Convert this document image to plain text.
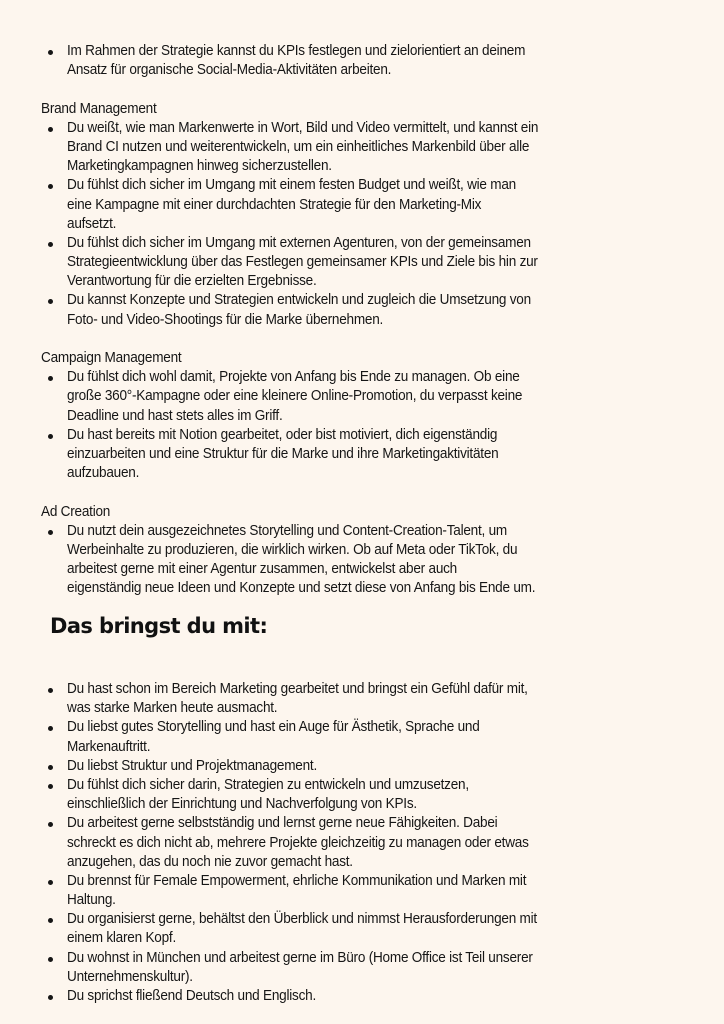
Im Rahmen der Strategie kannst du KPIs festlegen und zielorientiert an deinem
Ansatz für organische Social-Media-Aktivitäten arbeiten.
Brand Management
Du weißt, wie man Markenwerte in Wort, Bild und Video vermittelt, und kannst ein
Brand CI nutzen und weiterentwickeln, um ein einheitliches Markenbild über alle
Marketingkampagnen hinweg sicherzustellen.
Du fühlst dich sicher im Umgang mit einem festen Budget und weißt, wie man
eine Kampagne mit einer durchdachten Strategie für den Marketing-Mix
aufsetzt.
Du fühlst dich sicher im Umgang mit externen Agenturen, von der gemeinsamen
Strategieentwicklung über das Festlegen gemeinsamer KPIs und Ziele bis hin zur
Verantwortung für die erzielten Ergebnisse.
Du kannst Konzepte und Strategien entwickeln und zugleich die Umsetzung von
Foto- und Video-Shootings für die Marke übernehmen.
Campaign Management
Du fühlst dich wohl damit, Projekte von Anfang bis Ende zu managen. Ob eine
große 360°-Kampagne oder eine kleinere Online-Promotion, du verpasst keine
Deadline und hast stets alles im Griff.
Du hast bereits mit Notion gearbeitet, oder bist motiviert, dich eigenständig
einzuarbeiten und eine Struktur für die Marke und ihre Marketingaktivitäten
aufzubauen.
Ad Creation
Du nutzt dein ausgezeichnetes Storytelling und Content-Creation-Talent, um
Werbeinhalte zu produzieren, die wirklich wirken. Ob auf Meta oder TikTok, du
arbeitest gerne mit einer Agentur zusammen, entwickelst aber auch
eigenständig neue Ideen und Konzepte und setzt diese von Anfang bis Ende um.
Das bringst du mit:
Du hast schon im Bereich Marketing gearbeitet und bringst ein Gefühl dafür mit,
was starke Marken heute ausmacht.
Du liebst gutes Storytelling und hast ein Auge für Ästhetik, Sprache und
Markenauftritt.
Du liebst Struktur und Projektmanagement.
Du fühlst dich sicher darin, Strategien zu entwickeln und umzusetzen,
einschließlich der Einrichtung und Nachverfolgung von KPIs.
Du arbeitest gerne selbstständig und lernst gerne neue Fähigkeiten. Dabei
schreckt es dich nicht ab, mehrere Projekte gleichzeitig zu managen oder etwas
anzugehen, das du noch nie zuvor gemacht hast.
Du brennst für Female Empowerment, ehrliche Kommunikation und Marken mit
Haltung.
Du organisierst gerne, behältst den Überblick und nimmst Herausforderungen mit
einem klaren Kopf.
Du wohnst in München und arbeitest gerne im Büro (Home Office ist Teil unserer
Unternehmenskultur).
Du sprichst fließend Deutsch und Englisch.
